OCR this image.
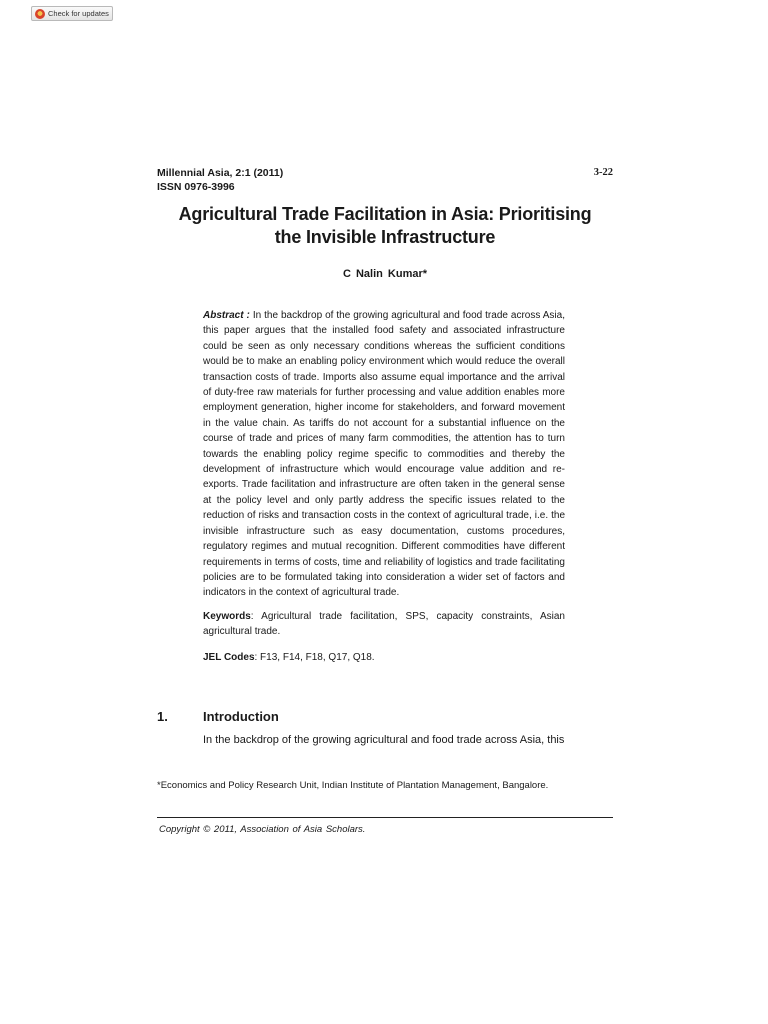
Check for updates
Millennial Asia, 2:1 (2011)
ISSN 0976-3996
3-22
Agricultural Trade Facilitation in Asia: Prioritising
the Invisible Infrastructure
C Nalin Kumar*

Abstract : In the backdrop of the growing agricultural and food trade across Asia, this paper argues that the installed food safety and associated infrastructure could be seen as only necessary conditions whereas the sufficient conditions would be to make an enabling policy environment which would reduce the overall transaction costs of trade. Imports also assume equal importance and the arrival of duty-free raw materials for further processing and value addition enables more employment generation, higher income for stakeholders, and forward movement in the value chain. As tariffs do not account for a substantial influence on the course of trade and prices of many farm commodities, the attention has to turn towards the enabling policy regime specific to commodities and thereby the development of infrastructure which would encourage value addition and re-exports. Trade facilitation and infrastructure are often taken in the general sense at the policy level and only partly address the specific issues related to the reduction of risks and transaction costs in the context of agricultural trade, i.e. the invisible infrastructure such as easy documentation, customs procedures, regulatory regimes and mutual recognition. Different commodities have different requirements in terms of costs, time and reliability of logistics and trade facilitating policies are to be formulated taking into consideration a wider set of factors and indicators in the context of agricultural trade.

Keywords: Agricultural trade facilitation, SPS, capacity constraints, Asian agricultural trade.

JEL Codes: F13, F14, F18, Q17, Q18.

1.	Introduction
In the backdrop of the growing agricultural and food trade across Asia, this
*Economics and Policy Research Unit, Indian Institute of Plantation Management, Bangalore.
Copyright © 2011, Association of Asia Scholars.
